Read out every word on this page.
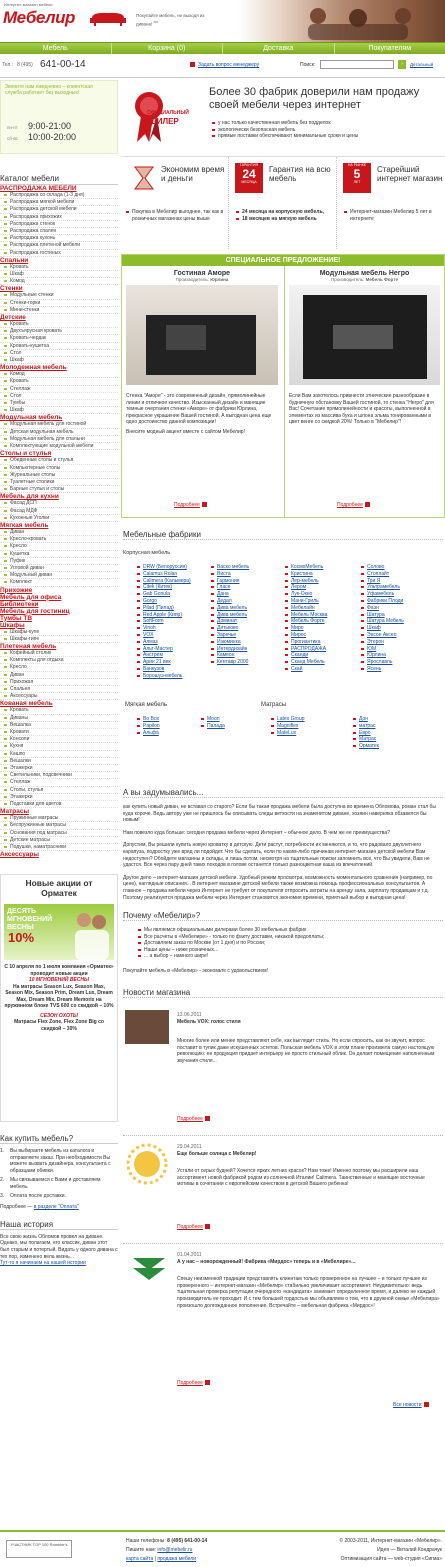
Интернет-магазин мебели
Мебелир	Покупайте мебель, не выходя из дивана! ™
Мебель	Корзина (0)	Доставка	Покупателям
Тел.: 8 (495) 641-00-14	Задать вопрос менеджеру	Поиск:	›	Детальный
Звоните нам ежедневно – клиентская служба работает без выходных!
пн-пт 9:00-21:00
сб-вс 10:00-20:00
Каталог мебели
РАСПРОДАЖА МЕБЕЛИ
Распродажа со склада (1-3 дня)
Распродажа мягкой мебели
Распродажа детской мебели
Распродажа прихожих
Распродажа стенок
Распродажа спален
Распродажа кухонь
Распродажа плетеной мебели
Распродажа гостиных
Спальни
Кровать
Шкаф
Комод
Стенки
Модульные стенки
Стенки-горки
Мини-стенки
Детские
Кровать
Двухъярусная кровать
Кровать-чердак
Кровать-кушетка
Стол
Шкаф
Молодежная мебель
Комод
Кровать
Стеллаж
Стол
Тумбы
Шкаф
Модульная мебель
Модульная мебель для гостиной
Детская модульная мебель
Модульная мебель для спальни
Комплектующие модульной мебели
Столы и стулья
Обеденные столы и стулья
Компьютерные столы
Журнальные столы
Туалетные столики
Барные стулья и столы
Мебель для кухни
Фасад ДСП
Фасад МДФ
Кухонные Уголки
Мягкая мебель
Диван
Кресло-кровать
Кресло
Кушетка
Пуфик
Угловой диван
Модульный диван
Комплект
Прихожие
Мебель для офиса
Библиотеки
Мебель для гостиниц
Тумбы ТВ
Шкафы
Шкафы-купе
Шкафы-гипе
Плетеная мебель
Кофейный столик
Комплекты для отдыха
Кресло
Диван
Прихожая
Спальня
Аксессуары
Кованая мебель
Кровать
Диваны
Вешалка
Кровати
Консоли
Кухня
Кашпо
Вешалки
Этажерки
Светильники, подсвечники
Стеллаж
Столы, стулья
Этажерки
Подставки для цветов
Матрасы
Пружинные матрасы
Беспружинные матрасы
Основания под матрасы
Детские матрасы
Подушки, наматрасники
Аксессуары
Новые акции от Орматек
ДЕСЯТЬ МГНОВЕНИЙ ВЕСНЫ
10%
С 10 апреля по 1 июля компания «Орматек» проводит новые акции
10 МГНОВЕНИЙ ВЕСНЫ
На матрасы Season Lux, Season Max, Season Mix, Season Prim, Dream Lux, Dream Max, Dream Mix, Dream Memorix на пружинном блоке TVS 600 со скидкой – 10%
СЕЗОН ОХОТЫ
Матрасы Flex Zone, Flex Zone Big со скидкой – 30%
Как купить мебель?
1. Вы выбираете мебель из каталога и отправляете заказ. При необходимости Вы можете вызвать дизайнера, консультанта с образцами обивки.
2. Мы связываемся с Вами и доставляем мебель.
3. Оплата после доставки.
Подробнее — в разделе "Оплата"
Наша история

Все свою жизнь Обломов провел на диване. Однако, мы полагаем, его классик, диван этот был старым и потертый. Видать у одного дивана с тех пор, изменено вела жизнь...

Тут-то я начинаем на нашей истории
ОФИЦИАЛЬНЫЙ
ДИЛЕР
Более 30 фабрик доверили нам продажу своей мебели через интернет
у нас только качественная мебель без подделок
экологически безопасная мебель
прямые поставки обеспечивают минимальные сроки и цены
Экономим время и деньги
Покупка в Мебелир выгоднее, так как в розничных магазинах цены выше
ГАРАНТИЯ
24
МЕСЯЦА
Гарантия на всю мебель
24 месяца на корпусную мебель,
18 месяцев на мягкую мебель
НА РЫНКЕ
5
ЛЕТ
Старейший интернет магазин
Интернет-магазин Мебелир 5 лет в интернете
СПЕЦИАЛЬНОЕ ПРЕДЛОЖЕНИЕ!
Гостиная Аморе
Производитель: Юрлина

Стенка "Аморе" - это современный дизайн, прямолинейные линии и отличное качество. Изысканный дизайн и манящие темные очертания стенки «Аморе» от фабрики Юрлина, прекрасное украшение Вашей гостиной. А выгодная цена еще одно достоинство данной композиции!

Внесите модный акцент вместе с сайтом Мебелир!

Подробнее
Модульная мебель Негро
Производитель: Мебель Форте

Если Вам захотелось привнести этнические разнообразие в будничную обстановку Вашей гостиной, то стенка "Негро" для Вас! Сочетание прямолинейности и красоты, выполненной в элементах из массива бука и шпона эльма тонированными в цвет венге со скидкой 20%! Только в "Мебелир"!

Подробнее
Мебельные фабрики
Корпусная мебель
DRW (Белоруссия)
Calamus Rolan
Calimera (Кальмера)
Citek (Китек)
Gab Gonula
Gorgo
Pilad (Пилад)
Red Apple (Кипр)
SoftForm
Vinoh
VOX
Алмаз
Альт-Мастер
Анстрем
Арин 21 век
Ванкузов
Борошуэ-мебель
Васко мебель
Виста
Гармония
Гласе
Дана
Дедал
Дива мебель
Дива мебель
Доминат
Дятьково
Заречье
Изюминка
Интердизайн
Камеон
Кентавр 2000
КосмоМебель
Кристина
Лер-мебель
Лером
Лук-Окно
Мани-Гриль
Мебелайн
Мебель Москва
Мебель Форте
Миро
Мирос
Прогиантика
РАСПРОДАЖА
Сканди
Сканд Мебель
Скай
Солово
Стоплайт
Три Я
Ультрамебель
Уфамебель
Фабрики Плоди
Фаэн
Шатура
Шатура Мебель
Шкаф
Энсон Аксео
Этерон
ЮМ
Юрлина
Ярославль
Ясень
Мягкая мебель
Bo Box
Papilon
Альфа
Moon
Палада
Матрасы
Latex Group
Magniflex
MateLux
Дон
матрас
Евро
Матрас
Орматек
А вы задумывались...

как купить новый диван, не вставая со старого? Если бы такая продажа мебели была доступна во времена Обломова, роман стал бы куда короче. Ведь автору уже не пришлось бы описывать следы ветхости на знаменитом диване, хозяин наверняка обзавелся бы новым!

Нам повезло куда больше: сегодня продажа мебели через Интернет – обычное дело. В чем же ее преимущества?

Допустим, Вы решили купить новую кроватку в детскую. Дети растут, потребности их меняются, и то, что радовало двухлетнего карапуза, подростку уже вряд ли подойдет. Что бы сделать, если по каким-либо причинам интернет-магазин детской мебели Вам недоступен? Обойдете магазины и склады, и лишь потом, несмотря на тщательные поиски запомнить все, что Вы увидели, Вам не удастся. Все через пару дней таких походов в голове останется только разноцветная каша из впечатлений.

Другое дело – интернет-магазин детской мебели. Удобный режим просмотра, возможность моментального сравнения (например, по цене), наглядные описания... В интернет магазине детской мебели также возможна помощь профессиональных консультантов. А главное – продажа мебели через Интернет не требует от покупателя отпросить затраты на аренду зала, зарплату продавцам и т.д. Поэтому реализуется продажа мебели через Интернет становится экономия времени, приятный выбор и выгодная цена!

Почему «Мебелир»?
Мы являемся официальными дилерами более 30 мебельных фабрик
Все расчеты в «Мебелире» - только по факту доставки, никакой предоплаты;
Доставляем заказ по Москве (от 1 дня) и по России;
Наши цены – ниже розничных...
... а выбор – намного шире!

Покупайте мебель в «Мебелир» - экономьте с удовольствием!

Новости магазина
13.06.2011
Мебель VOX: голос стиля

Многие более или менее представляют себе, как выглядит стиль. Но если спросить, как он звучит, вопрос поставит в тупик даже искушенных эстетов. Польская мебель VOX в этом плане произвела самую настоящую революцию: ее продукция придает интерьеру не просто стильный облик. Он делает помещение наполненным звучания стиля...

Подробнее
29.04.2011
Еще больше солнца с Мебелир!

Устали от серых будней? Хочется ярких летних красок? Нам тоже! Именно поэтому мы расширили наш ассортимент новой фабрикой родом из солнечной Италии! Calimera. Таинственные и манящие восточные мотивы в сочетании с европейским качеством в детской Вашего ребенка!

Подробнее
01.04.2011
А у нас – новорожденный! Фабрика «Мирдос» теперь и в «Мебелире»...

Спешу неизменной традиции представлять клиентам только проверенное на лучшее – и только лучшее из проверенного – интернет-магазин «Мебелир» стабильно увеличивает ассортимент. Неудивительно: ведь тщательная проверка репутации очередного «кандидата» занимает определенное время, и далеко не каждый производитель ее проходит. И с тем большей гордостью мы объявляем о том, что в дружной семье «Мебелира» произошло долгожданное пополнение. Встречайте – мебельная фабрика «Мирдос»!

Подробнее
Все новости
УЧАСТНИК TOP 100 Rambler's
Наши телефоны: 8 (495) 641-00-14
Пишите нам: info@mebelir.ru
карта сайта | продажа мебели
© 2003-2011, Интернет-магазин «Мебелир».
Идея — Виталий Кондрачук
Оптимизация сайта — web-студия «Сигма»
